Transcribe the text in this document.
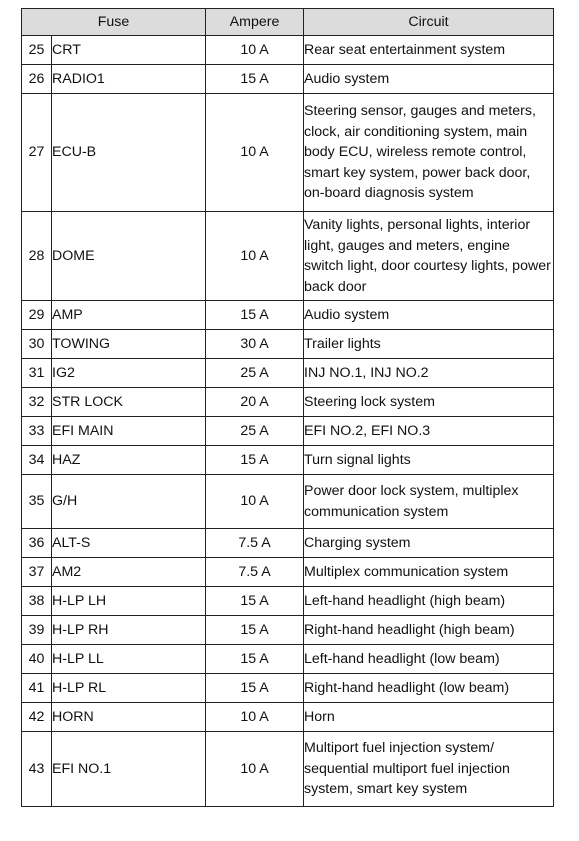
Fuse		Ampere	Circuit
25	CRT	10 A	Rear seat entertainment system
26	RADIO1	15 A	Audio system
27	ECU-B	10 A	Steering sensor, gauges and meters, clock, air conditioning system, main body ECU, wireless remote control, smart key system, power back door, on-board diagnosis system
28	DOME	10 A	Vanity lights, personal lights, interior light, gauges and meters, engine switch light, door courtesy lights, power back door
29	AMP	15 A	Audio system
30	TOWING	30 A	Trailer lights
31	IG2	25 A	INJ NO.1, INJ NO.2
32	STR LOCK	20 A	Steering lock system
33	EFI MAIN	25 A	EFI NO.2, EFI NO.3
34	HAZ	15 A	Turn signal lights
35	G/H	10 A	Power door lock system, multiplex communication system
36	ALT-S	7.5 A	Charging system
37	AM2	7.5 A	Multiplex communication system
38	H-LP LH	15 A	Left-hand headlight (high beam)
39	H-LP RH	15 A	Right-hand headlight (high beam)
40	H-LP LL	15 A	Left-hand headlight (low beam)
41	H-LP RL	15 A	Right-hand headlight (low beam)
42	HORN	10 A	Horn
43	EFI NO.1	10 A	Multiport fuel injection system/ sequential multiport fuel injection system, smart key system
